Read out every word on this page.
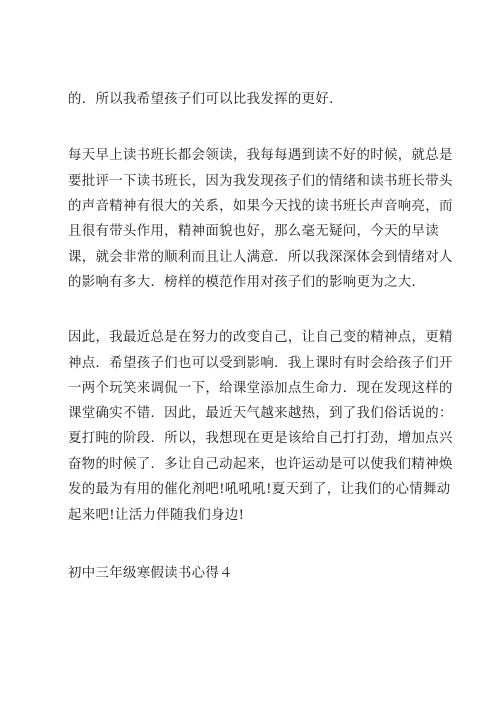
的．所以我希望孩子们可以比我发挥的更好．
每天早上读书班长都会领读，我每每遇到读不好的时候，就总是
要批评一下读书班长，因为我发现孩子们的情绪和读书班长带头
的声音精神有很大的关系，如果今天找的读书班长声音响亮，而
且很有带头作用，精神面貌也好，那么毫无疑问，今天的早读
课，就会非常的顺利而且让人满意．所以我深深体会到情绪对人
的影响有多大．榜样的模范作用对孩子们的影响更为之大．
因此，我最近总是在努力的改变自己，让自己变的精神点，更精
神点．希望孩子们也可以受到影响．我上课时有时会给孩子们开
一两个玩笑来调侃一下，给课堂添加点生命力．现在发现这样的
课堂确实不错．因此，最近天气越来越热，到了我们俗话说的：
夏打盹的阶段．所以，我想现在更是该给自己打打劲，增加点兴
奋物的时候了．多让自己动起来，也许运动是可以使我们精神焕
发的最为有用的催化剂吧!吼吼吼!夏天到了，让我们的心情舞动
起来吧!让活力伴随我们身边!
初中三年级寒假读书心得４
